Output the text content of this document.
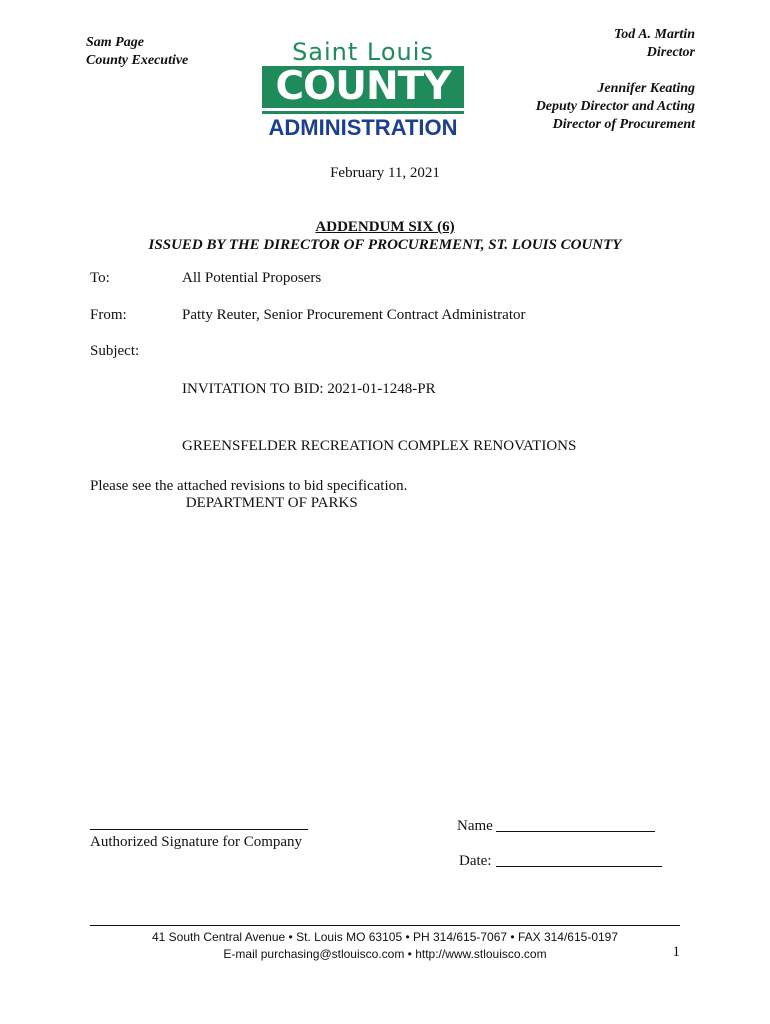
Sam Page
County Executive	Saint Louis
COUNTY
ADMINISTRATION
Tod A. Martin
Director
Jennifer Keating
Deputy Director and Acting
Director of Procurement
February 11, 2021
ADDENDUM SIX (6)
ISSUED BY THE DIRECTOR OF PROCUREMENT, ST. LOUIS COUNTY
To:	All Potential Proposers
From:	Patty Reuter, Senior Procurement Contract Administrator
Subject:

INVITATION TO BID: 2021-01-1248-PR

GREENSFELDER RECREATION COMPLEX RENOVATIONS

DEPARTMENT OF PARKS

Please see the attached revisions to bid specification.
Authorized Signature for Company
Name
Date:
41 South Central Avenue • St. Louis MO 63105 • PH 314/615-7067 • FAX 314/615-0197
E-mail purchasing@stlouisco.com • http://www.stlouisco.com	1
